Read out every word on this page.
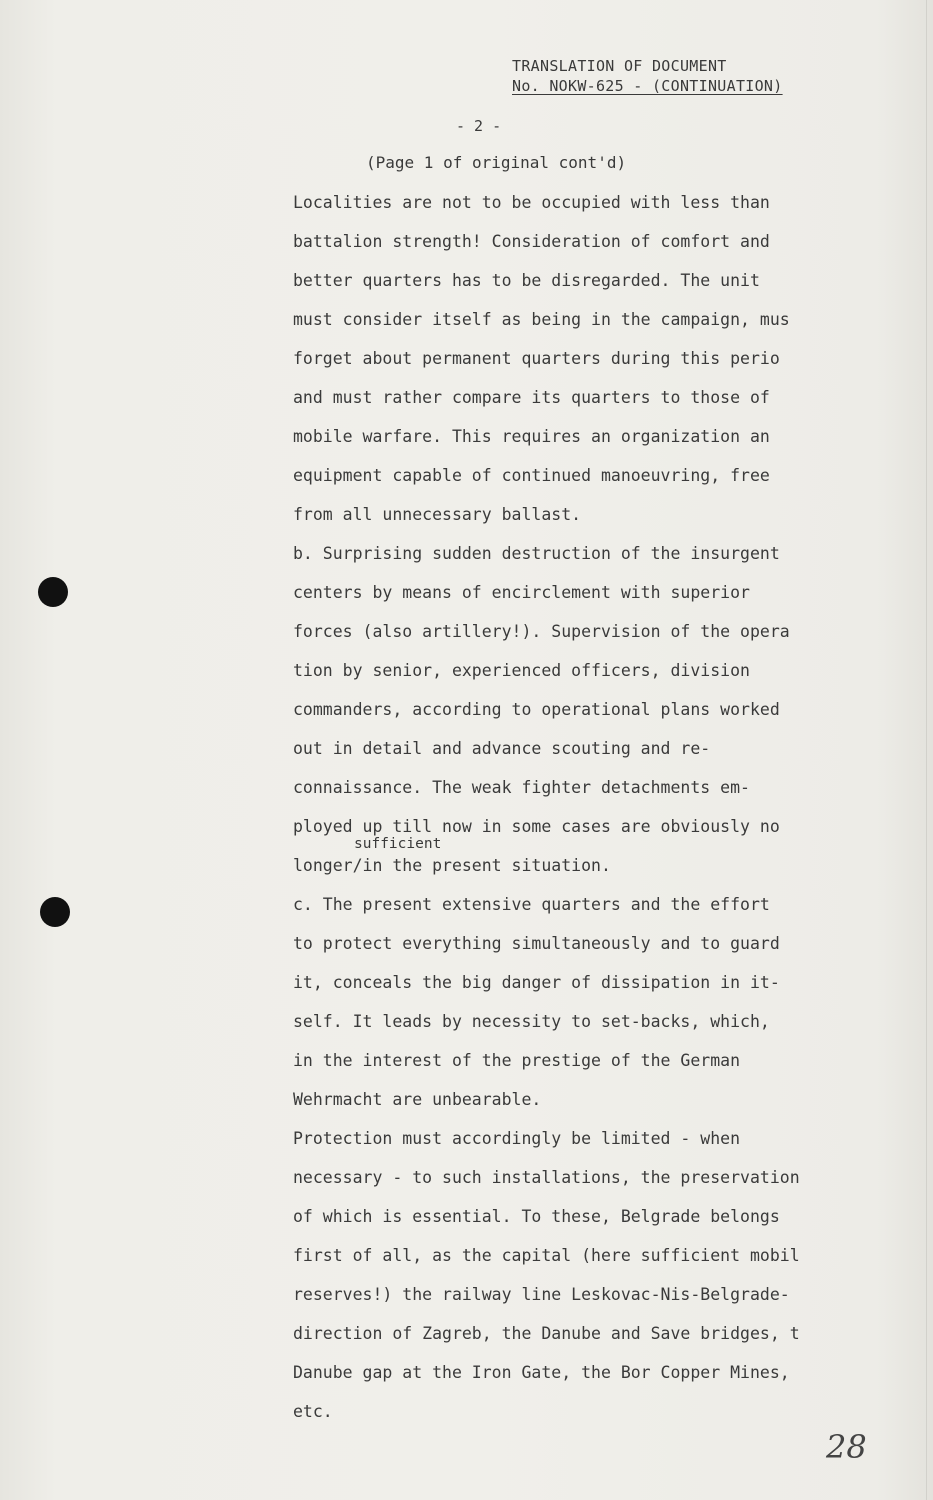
TRANSLATION OF DOCUMENT
No. NOKW-625 - (CONTINUATION)
- 2 -
(Page 1 of original cont'd)
sufficient
Localities are not to be occupied with less than
battalion strength! Consideration of comfort and
better quarters has to be disregarded. The unit
must consider itself as being in the campaign, mus
forget about permanent quarters during this perio
and must rather compare its quarters to those of
mobile warfare. This requires an organization an
equipment capable of continued manoeuvring, free
from all unnecessary ballast.
b. Surprising sudden destruction of the insurgent
centers by means of encirclement with superior
forces (also artillery!). Supervision of the opera
tion by senior, experienced officers, division
commanders, according to operational plans worked
out in detail and advance scouting and re-
connaissance. The weak fighter detachments em-
ployed up till now in some cases are obviously no
longer/in the present situation.
c. The present extensive quarters and the effort
to protect everything simultaneously and to guard
it, conceals the big danger of dissipation in it-
self. It leads by necessity to set-backs, which,
in the interest of the prestige of the German
Wehrmacht are unbearable.
Protection must accordingly be limited - when
necessary - to such installations, the preservation
of which is essential. To these, Belgrade belongs
first of all, as the capital (here sufficient mobil
reserves!) the railway line Leskovac-Nis-Belgrade-
direction of Zagreb, the Danube and Save bridges, t
Danube gap at the Iron Gate, the Bor Copper Mines,
etc.
28
